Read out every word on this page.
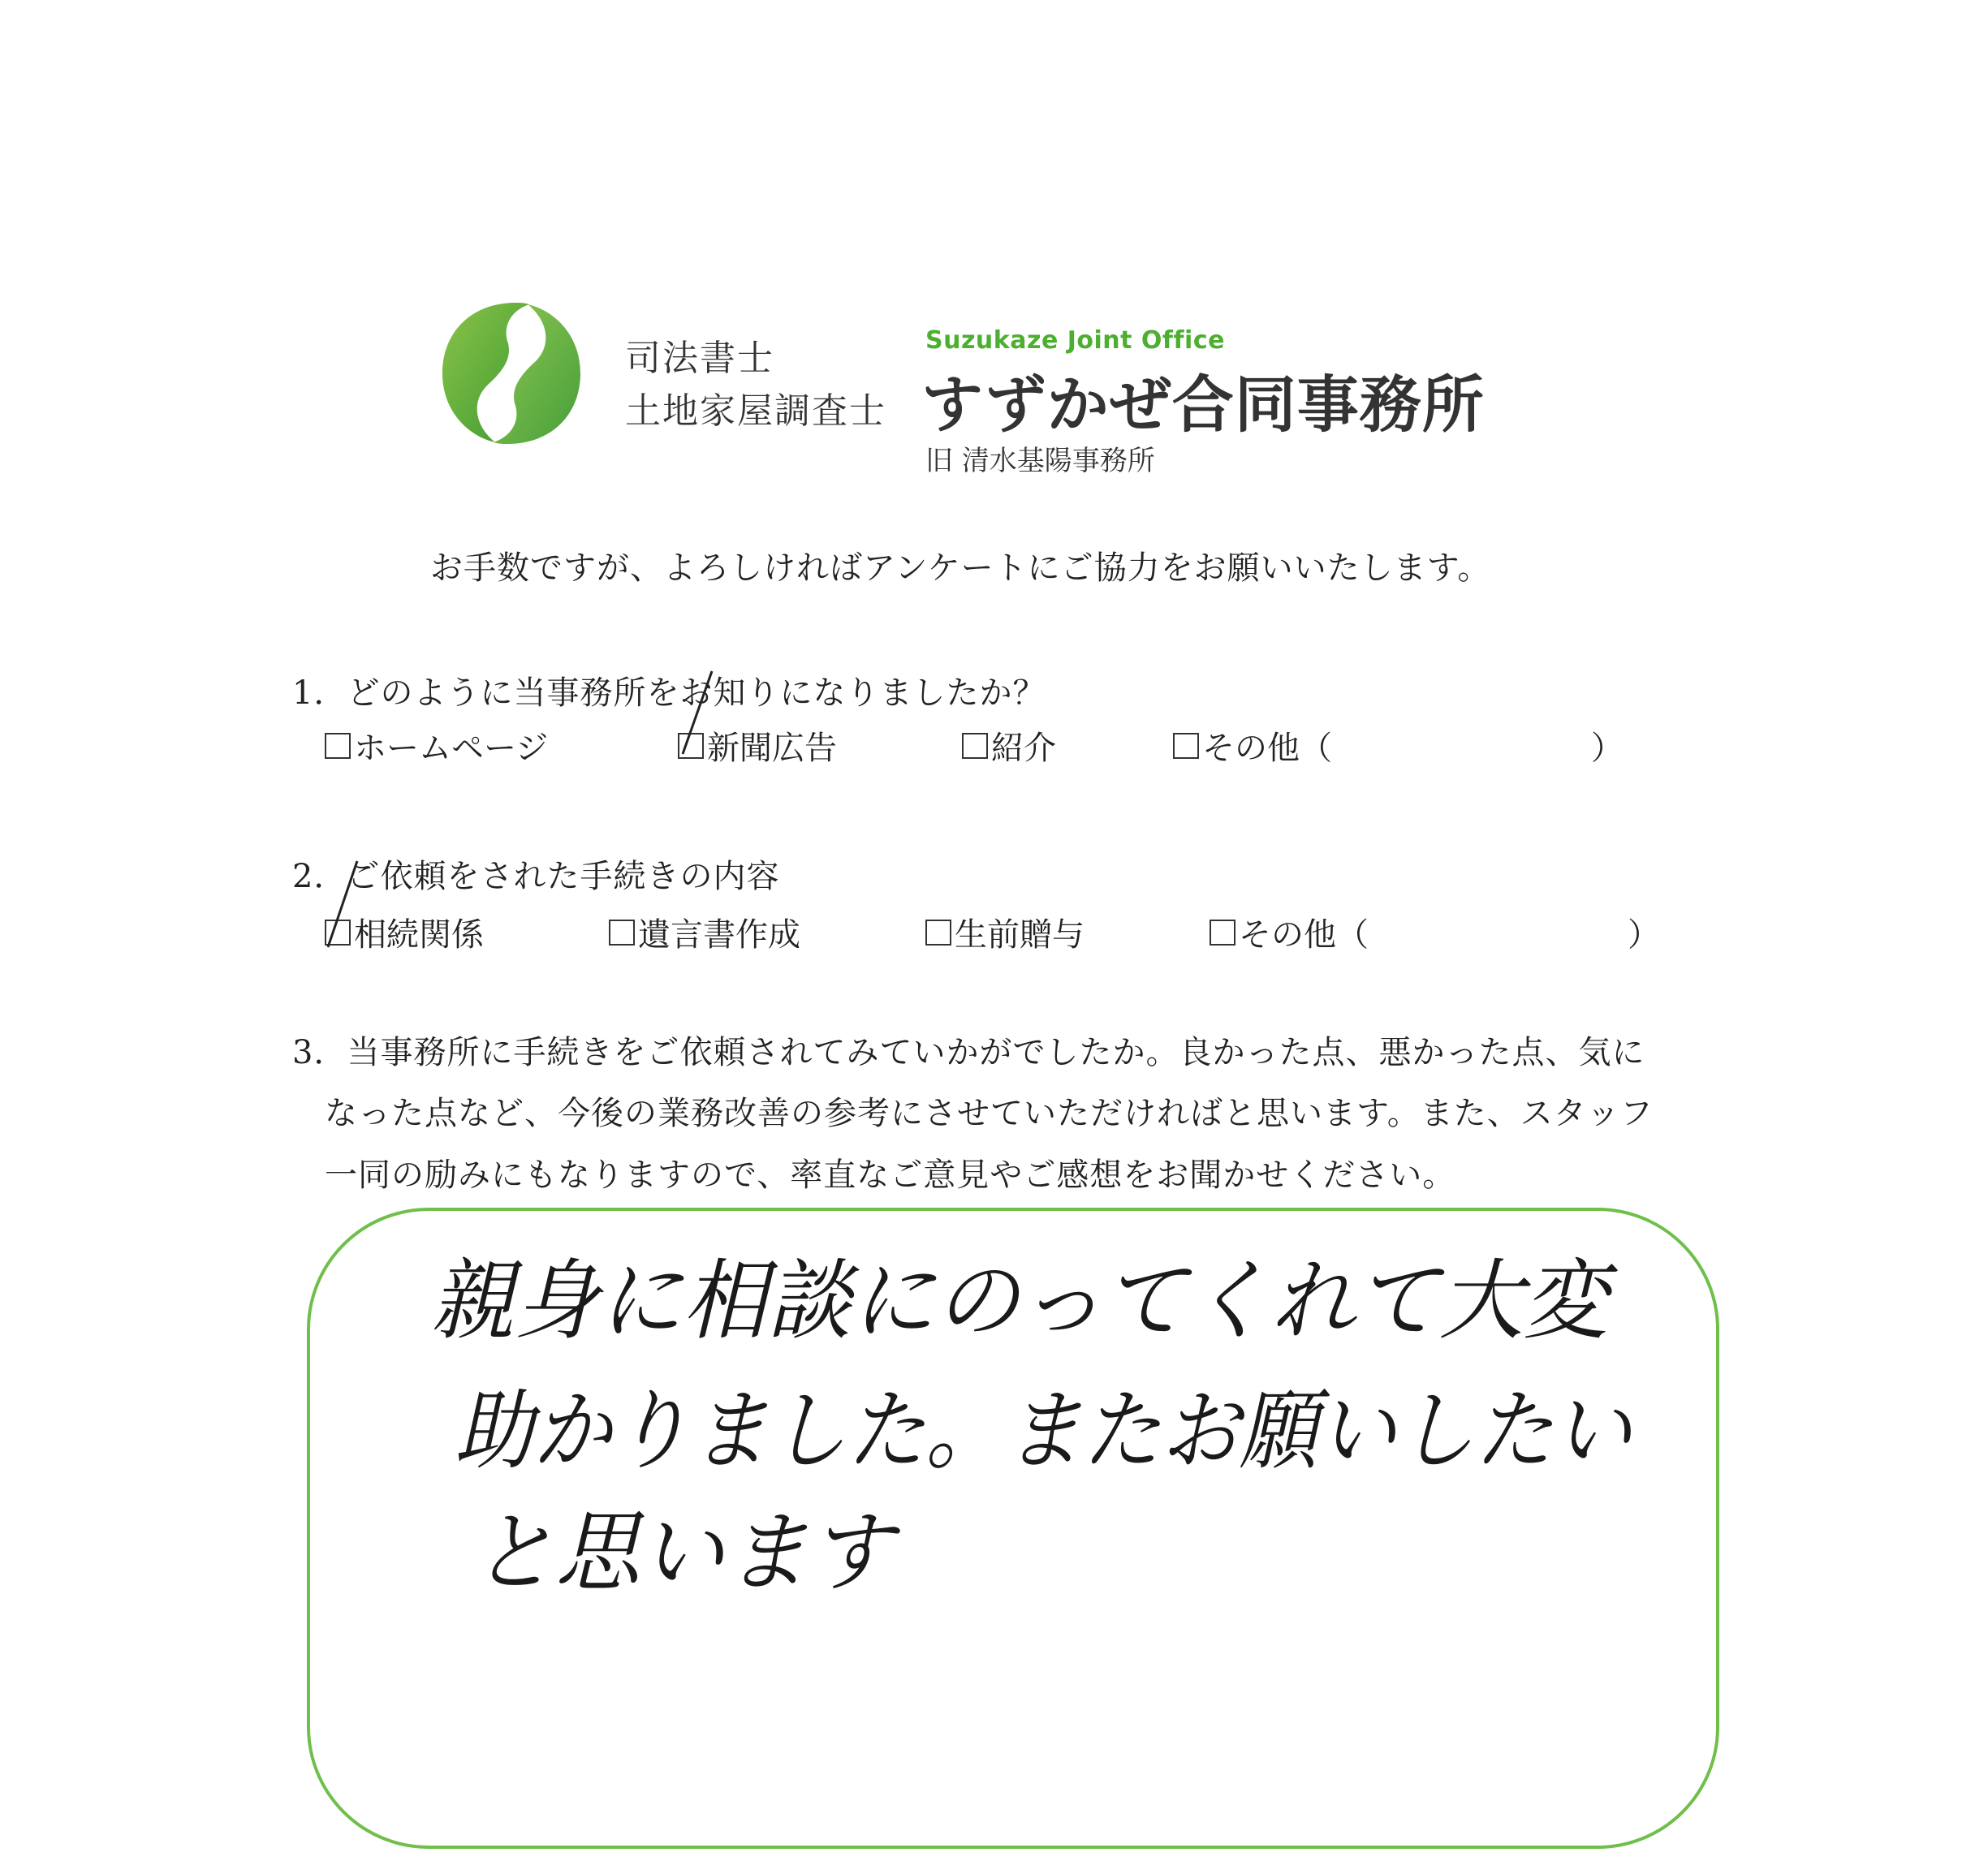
司法書士
土地家屋調査士
Suzukaze Joint Office
すずかぜ合同事務所
旧 清水基陽事務所
お手数ですが、よろしければアンケートにご協力をお願いいたします。
1．どのように当事務所をお知りになりましたか？
ホームページ	新聞広告	紹介	その他（	）
2．ご依頼をされた手続きの内容
相続関係	遺言書作成	生前贈与	その他（	）
3．当事務所に手続きをご依頼されてみていかがでしたか。良かった点、悪かった点、気に
なった点など、今後の業務改善の参考にさせていただければと思います。また、スタッフ
一同の励みにもなりますので、率直なご意見やご感想をお聞かせください。
親身に相談にのってくれて大変
助かりました。またお願いしたい
と思います
